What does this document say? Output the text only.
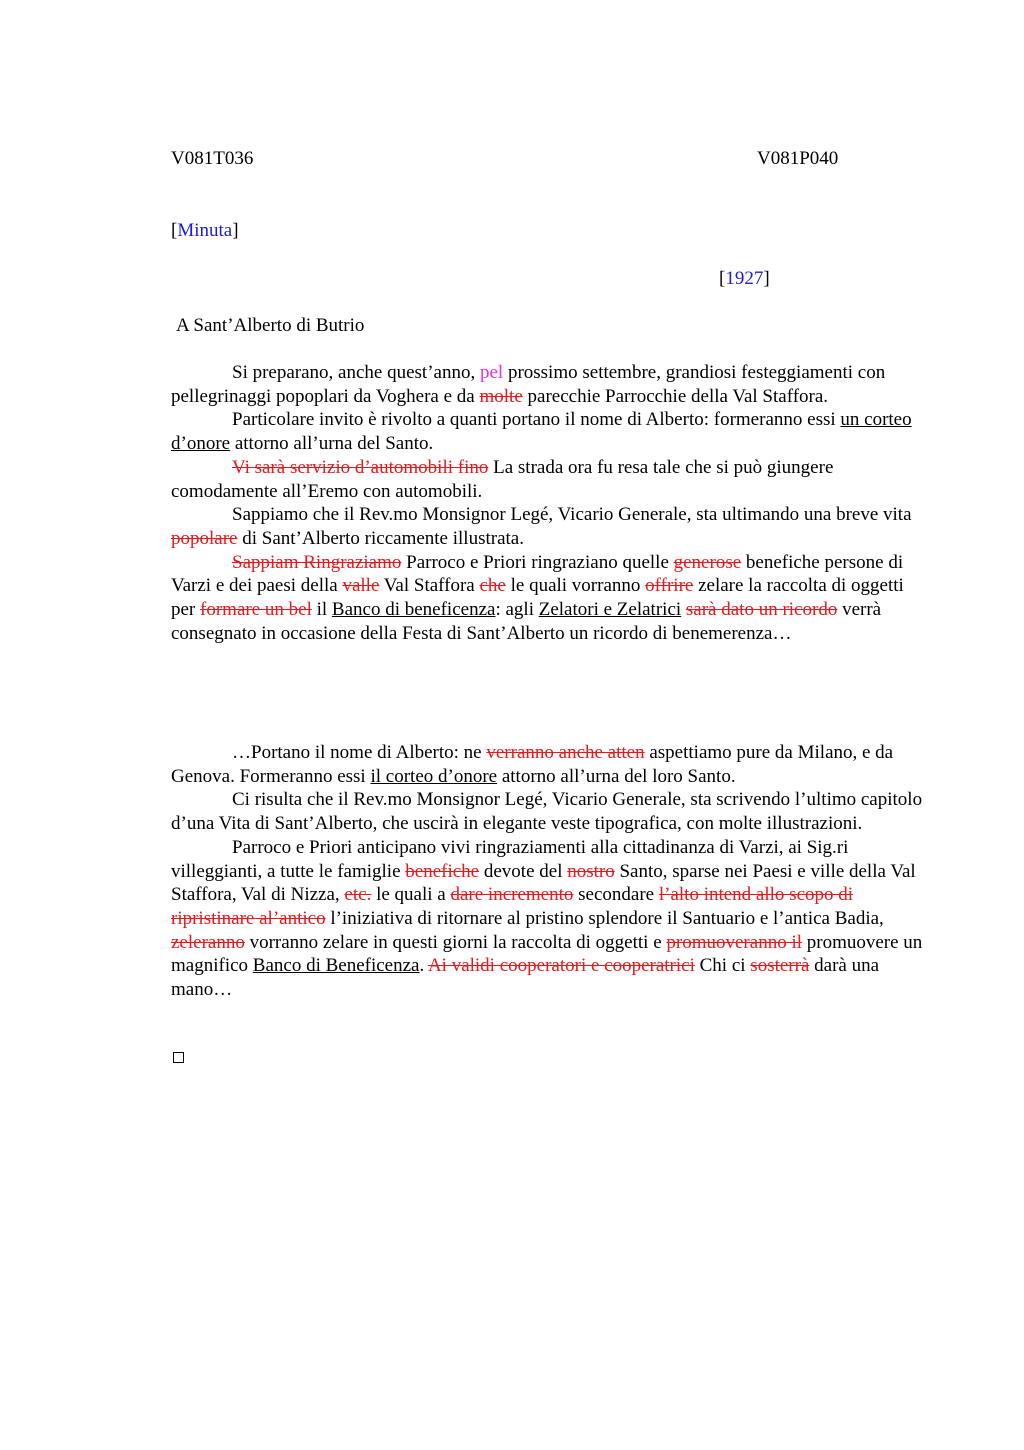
V081T036	V081P040
[Minuta]
[1927]
A Sant’Alberto di Butrio

Si preparano, anche quest’anno, pel prossimo settembre, grandiosi festeggiamenti con pellegrinaggi popoplari da Voghera e da molte parecchie Parrocchie della Val Staffora.

Particolare invito è rivolto a quanti portano il nome di Alberto: formeranno essi un corteo d’onore attorno all’urna del Santo.

Vi sarà servizio d’automobili fino La strada ora fu resa tale che si può giungere comodamente all’Eremo con automobili.

Sappiamo che il Rev.mo Monsignor Legé, Vicario Generale, sta ultimando una breve vita popolare di Sant’Alberto riccamente illustrata.

Sappiam Ringraziamo Parroco e Priori ringraziano quelle generose benefiche persone di Varzi e dei paesi della valle Val Staffora che le quali vorranno offrire zelare la raccolta di oggetti per formare un bel il Banco di beneficenza: agli Zelatori e Zelatrici sarà dato un ricordo verrà consegnato in occasione della Festa di Sant’Alberto un ricordo di benemerenza…

…Portano il nome di Alberto: ne verranno anche atten aspettiamo pure da Milano, e da Genova. Formeranno essi il corteo d’onore attorno all’urna del loro Santo.

Ci risulta che il Rev.mo Monsignor Legé, Vicario Generale, sta scrivendo l’ultimo capitolo d’una Vita di Sant’Alberto, che uscirà in elegante veste tipografica, con molte illustrazioni.

Parroco e Priori anticipano vivi ringraziamenti alla cittadinanza di Varzi, ai Sig.ri villeggianti, a tutte le famiglie benefiche devote del nostro Santo, sparse nei Paesi e ville della Val Staffora, Val di Nizza, etc. le quali a dare incremento secondare l’alto intend allo scopo di ripristinare al’antico l’iniziativa di ritornare al pristino splendore il Santuario e l’antica Badia, zeleranno vorranno zelare in questi giorni la raccolta di oggetti e promuoveranno il promuovere un magnifico Banco di Beneficenza. Ai validi cooperatori e cooperatrici Chi ci sosterrà darà una mano…
